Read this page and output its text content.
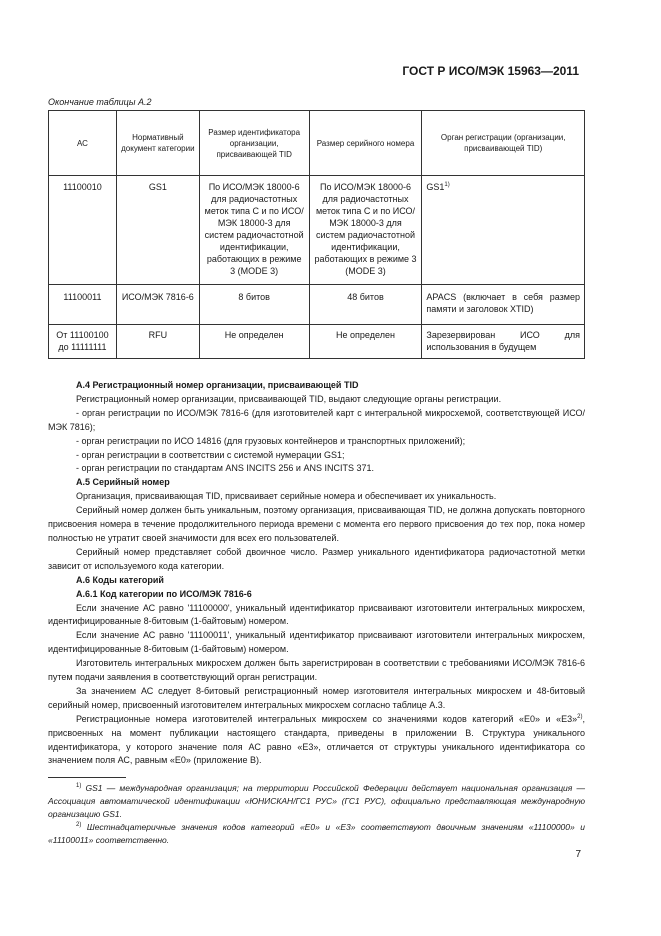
ГОСТ Р ИСО/МЭК 15963—2011
Окончание таблицы А.2
АС	Нормативный документ категории	Размер идентификатора организации, присваивающей TID	Размер серийного номера	Орган регистрации (организации, присваивающей TID)
11100010	GS1	По ИСО/МЭК 18000-6 для радиочастотных меток типа С и по ИСО/МЭК 18000-3 для систем радиочастотной идентификации, работающих в режиме 3 (MODE 3)	По ИСО/МЭК 18000-6 для радиочастотных меток типа С и по ИСО/МЭК 18000-3 для систем радиочастотной идентификации, работающих в режиме 3 (MODE 3)	GS1$^{1)}$
11100011	ИСО/МЭК 7816-6	8 битов	48 битов	APACS (включает в себя размер памяти и заголовок XTID)
От 11100100 до 11111111	RFU	Не определен	Не определен	Зарезервирован ИСО для использования в будущем

А.4 Регистрационный номер организации, присваивающей TID

Регистрационный номер организации, присваивающей TID, выдают следующие органы регистрации.

- орган регистрации по ИСО/МЭК 7816-6 (для изготовителей карт с интегральной микросхемой, соответствующей ИСО/МЭК 7816);

- орган регистрации по ИСО 14816 (для грузовых контейнеров и транспортных приложений);

- орган регистрации в соответствии с системой нумерации GS1;

- орган регистрации по стандартам ANS INCITS 256 и ANS INCITS 371.

А.5 Серийный номер

Организация, присваивающая TID, присваивает серийные номера и обеспечивает их уникальность.

Серийный номер должен быть уникальным, поэтому организация, присваивающая TID, не должна допускать повторного присвоения номера в течение продолжительного периода времени с момента его первого присвоения до тех пор, пока номер полностью не утратит своей значимости для всех его пользователей.

Серийный номер представляет собой двоичное число. Размер уникального идентификатора радиочастотной метки зависит от используемого кода категории.

А.6 Коды категорий

А.6.1 Код категории по ИСО/МЭК 7816-6

Если значение АС равно '11100000', уникальный идентификатор присваивают изготовители интегральных микросхем, идентифицированные 8-битовым (1-байтовым) номером.

Если значение АС равно '11100011', уникальный идентификатор присваивают изготовители интегральных микросхем, идентифицированные 8-битовым (1-байтовым) номером.

Изготовитель интегральных микросхем должен быть зарегистрирован в соответствии с требованиями ИСО/МЭК 7816-6 путем подачи заявления в соответствующий орган регистрации.

За значением АС следует 8-битовый регистрационный номер изготовителя интегральных микросхем и 48-битовый серийный номер, присвоенный изготовителем интегральных микросхем согласно таблице А.3.

Регистрационные номера изготовителей интегральных микросхем со значениями кодов категорий «Е0» и «Е3»$^{2)}$, присвоенных на момент публикации настоящего стандарта, приведены в приложении В. Структура уникального идентификатора, у которого значение поля АС равно «Е3», отличается от структуры уникального идентификатора со значением поля АС, равным «Е0» (приложение В).

$^{1)}$ GS1 — международная организация; на территории Российской Федерации действует национальная организация — Ассоциация автоматической идентификации «ЮНИСКАН/ГС1 РУС» (ГС1 РУС), официально представляющая международную организацию GS1.

$^{2)}$ Шестнадцатеричные значения кодов категорий «Е0» и «Е3» соответствуют двоичным значениям «11100000» и «11100011» соответственно.

7
